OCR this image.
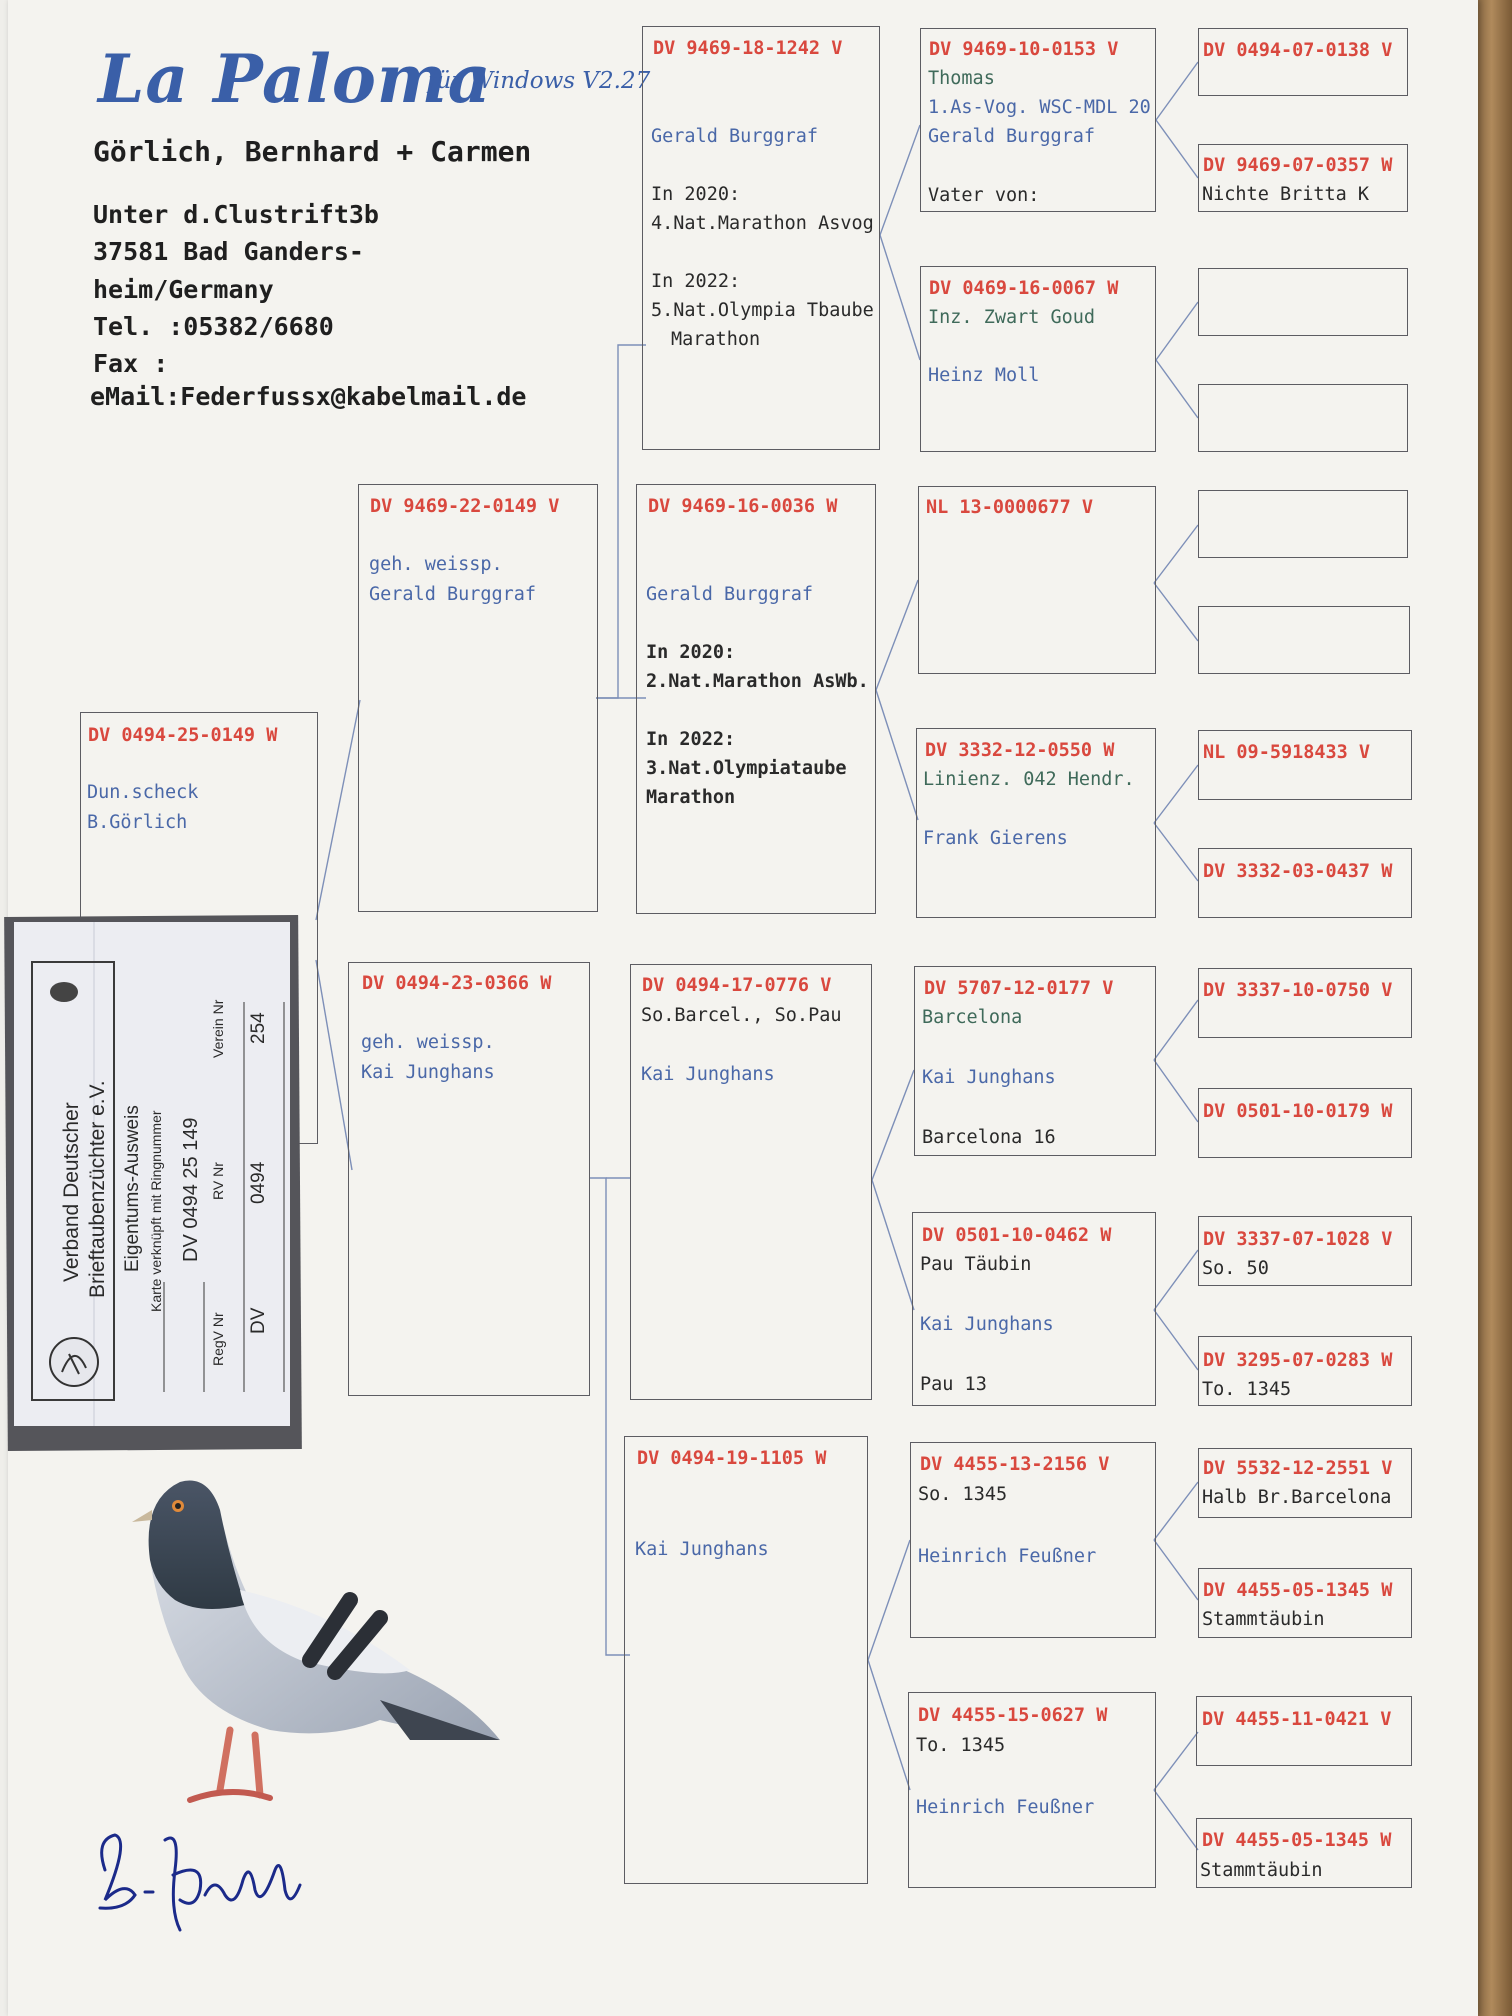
La Paloma
für Windows V2.27
Görlich, Bernhard + Carmen
Unter d.Clustrift3b
37581 Bad Ganders-
heim/Germany
Tel. :05382/6680
Fax :
eMail:Federfussx@kabelmail.de
DV 0494-25-0149 W
Dun.scheck
B.Görlich
DV 9469-22-0149 V
geh. weissp.
Gerald Burggraf
DV 0494-23-0366 W
geh. weissp.
Kai Junghans
DV 9469-18-1242 V
Gerald Burggraf
In 2020:
4.Nat.Marathon Asvog
In 2022:
5.Nat.Olympia Tbaube
Marathon
DV 9469-16-0036 W
Gerald Burggraf
In 2020:
2.Nat.Marathon AsWb.
In 2022:
3.Nat.Olympiataube
Marathon
DV 0494-17-0776 V
So.Barcel., So.Pau
Kai Junghans
DV 0494-19-1105 W
Kai Junghans
DV 9469-10-0153 V
Thomas
1.As-Vog. WSC-MDL 20
Gerald Burggraf
Vater von:
DV 0469-16-0067 W
Inz. Zwart Goud
Heinz Moll
NL 13-0000677 V
DV 3332-12-0550 W
Linienz. 042 Hendr.
Frank Gierens
DV 5707-12-0177 V
Barcelona
Kai Junghans
Barcelona 16
DV 0501-10-0462 W
Pau Täubin
Kai Junghans
Pau 13
DV 4455-13-2156 V
So. 1345
Heinrich Feußner
DV 4455-15-0627 W
To. 1345
Heinrich Feußner
DV 0494-07-0138 V
DV 9469-07-0357 W
Nichte Britta K
NL 09-5918433 V
DV 3332-03-0437 W
DV 3337-10-0750 V
DV 0501-10-0179 W
DV 3337-07-1028 V
So. 50
DV 3295-07-0283 W
To. 1345
DV 5532-12-2551 V
Halb Br.Barcelona
DV 4455-05-1345 W
Stammtäubin
DV 4455-11-0421 V
DV 4455-05-1345 W
Stammtäubin
Verband Deutscher Brieftaubenzüchter e.V. Eigentums-Ausweis Karte verknüpft mit Ringnummer DV 0494 25 149
RegV Nr DV
RV Nr 0494
Verein Nr 254
